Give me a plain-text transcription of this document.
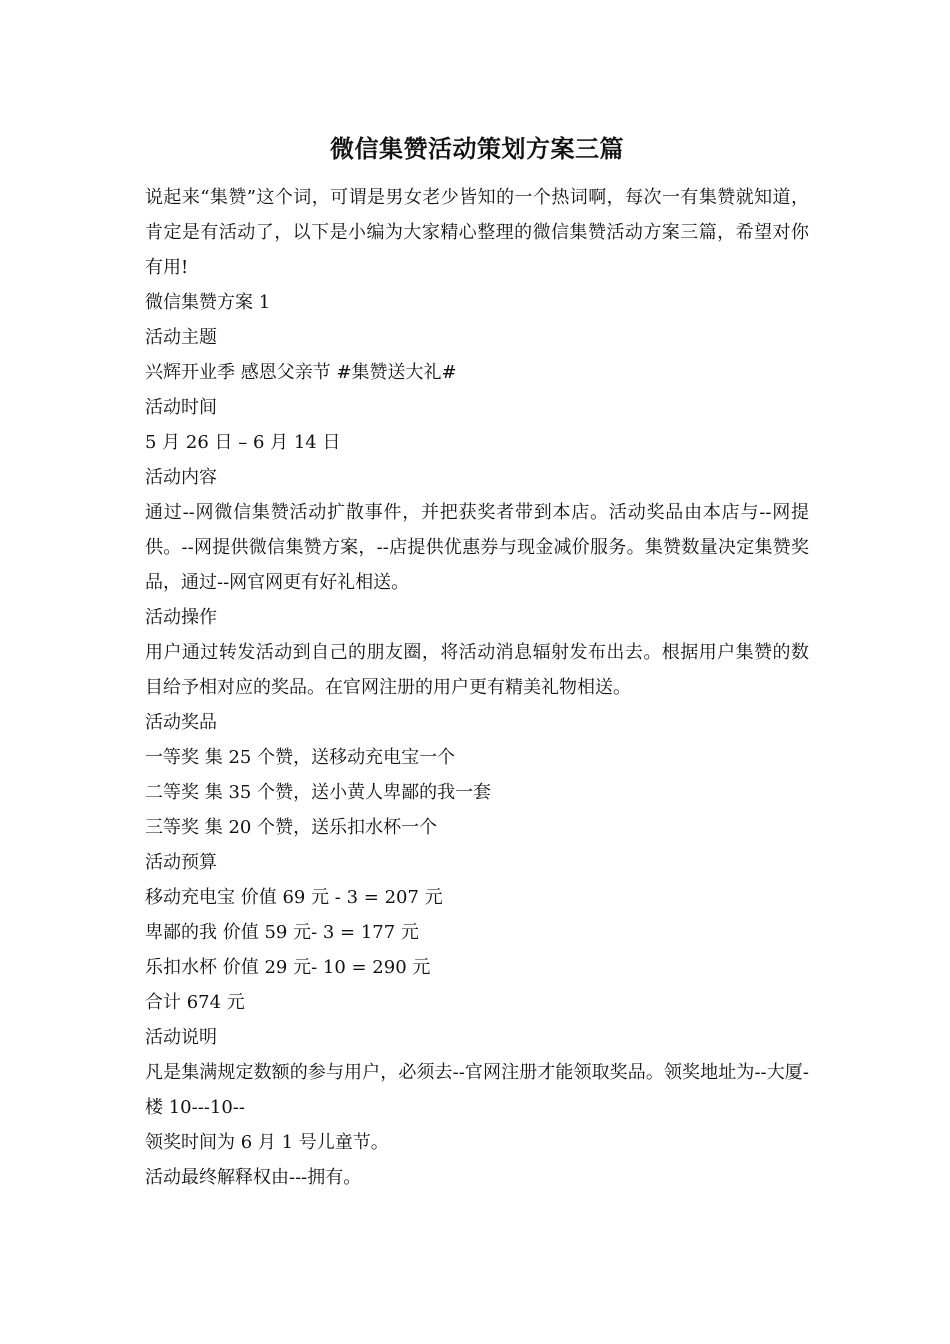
微信集赞活动策划方案三篇

说起来“集赞”这个词，可谓是男女老少皆知的一个热词啊，每次一有集赞就知道，肯定是有活动了，以下是小编为大家精心整理的微信集赞活动方案三篇，希望对你有用!

微信集赞方案 1

活动主题

兴辉开业季 感恩父亲节 #集赞送大礼#

活动时间

5 月 26 日 – 6 月 14 日

活动内容

通过--网微信集赞活动扩散事件，并把获奖者带到本店。活动奖品由本店与--网提供。--网提供微信集赞方案，--店提供优惠券与现金减价服务。集赞数量决定集赞奖品，通过--网官网更有好礼相送。

活动操作

用户通过转发活动到自己的朋友圈，将活动消息辐射发布出去。根据用户集赞的数目给予相对应的奖品。在官网注册的用户更有精美礼物相送。

活动奖品

一等奖 集 25 个赞，送移动充电宝一个

二等奖 集 35 个赞，送小黄人卑鄙的我一套

三等奖 集 20 个赞，送乐扣水杯一个

活动预算

移动充电宝 价值 69 元 - 3 = 207 元

卑鄙的我 价值 59 元- 3 = 177 元

乐扣水杯 价值 29 元- 10 = 290 元

合计 674 元

活动说明

凡是集满规定数额的参与用户，必须去--官网注册才能领取奖品。领奖地址为--大厦-楼 10---10--

领奖时间为 6 月 1 号儿童节。

活动最终解释权由---拥有。
